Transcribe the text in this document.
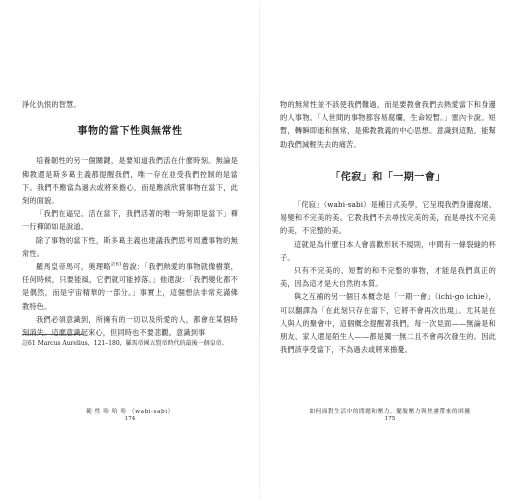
淨化仇恨的智慧。

事物的當下性與無常性

培養韌性的另一個關鍵，是要知道我們活在什麼時刻。無論是佛教還是斯多葛主義都提醒我們，唯一存在並受我們控制的是當下。我們不應當為過去或將來擔心，而是應該欣賞事物在當下，此刻的面貌。

「我們在逼兒、活在當下，我們活著的唯一時刻即是當下」禪一行禪師如是說道。

除了事物的當下性，斯多葛主義也建議我們思考周遭事物的無常性。

羅馬皇帝馬可，奧理略$^{註61}$曾說：「我們熱愛的事物就像樹葉，任何時候，只要能風，它們就可能掉落。」他還說：「我們變化都不是偶然，而是宇宙精華的一部分。」事實上，這個想法非常充滿佛教特色。

我們必須意識到，所擁有的一切以及所愛的人，都會在某個時刻消失。這麼意識起來心，但同時也不要悲觀。意識到事

註61 Marcus Aurelius，121–180，羅馬帝國五賢帝時代的最後一個皇帝。
範 性 哈 哈 哈 （wabi-sabi）
174

物的無常性並不該使我們難過，而是要教會我們去熱愛當下和身邊的人事物。「人世間的事物都容易腐爛，生命短暫。」塞內卡說。短暫，轉瞬即逝和無常，是佛教教義的中心思想。意識到這點，能幫助我們減輕失去的痛苦。

「侘寂」和「一期一會」

「侘寂」（wabi-sabi）是種日式美學，它呈現我們身邊腐壞、易變和不完美的美。它教我們不去尋找完美的美，而是尋找不完美的美，不完整的美。

這就是為什麼日本人會喜歡形狀不規則，中間有一條裂縫的杯子。

只有不完美的、短暫的和不完整的事物，才能是我們真正的美，因為這才是大自然的本質。

與之互補的另一個日本概念是「一期一會」（ichi-go ichie），可以翻譯為「在此刻只存在當下，它將不會再次出現」。尤其是在人與人的聚會中，這個概念提醒著我們，每一次見面——無論是和朋友、家人還是陌生人——都是獨一無二且不會再次發生的。因此我們該享受當下，不為過去或將來擔憂。

如何面對生活中的問題和壓力，擺脫壓力與焦慮帶來的困擾
175
